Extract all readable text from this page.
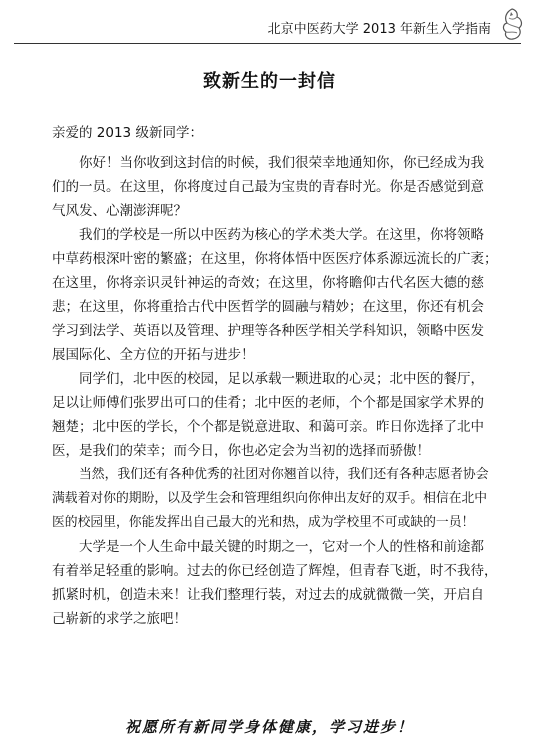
北京中医药大学 2013 年新生入学指南
致新生的一封信
亲爱的 2013 级新同学：

你好！当你收到这封信的时候，我们很荣幸地通知你，你已经成为我
们的一员。在这里，你将度过自己最为宝贵的青春时光。你是否感觉到意
气风发、心潮澎湃呢？

我们的学校是一所以中医药为核心的学术类大学。在这里，你将领略
中草药根深叶密的繁盛；在这里，你将体悟中医医疗体系源远流长的广袤；
在这里，你将亲识灵针神运的奇效；在这里，你将瞻仰古代名医大德的慈
悲；在这里，你将重拾古代中医哲学的圆融与精妙；在这里，你还有机会
学习到法学、英语以及管理、护理等各种医学相关学科知识，领略中医发
展国际化、全方位的开拓与进步！

同学们，北中医的校园，足以承载一颗进取的心灵；北中医的餐厅，
足以让师傅们张罗出可口的佳肴；北中医的老师，个个都是国家学术界的
翘楚；北中医的学长，个个都是锐意进取、和蔼可亲。昨日你选择了北中
医，是我们的荣幸；而今日，你也必定会为当初的选择而骄傲！

当然，我们还有各种优秀的社团对你翘首以待，我们还有各种志愿者协会
满载着对你的期盼，以及学生会和管理组织向你伸出友好的双手。相信在北中
医的校园里，你能发挥出自己最大的光和热，成为学校里不可或缺的一员！

大学是一个人生命中最关键的时期之一，它对一个人的性格和前途都
有着举足轻重的影响。过去的你已经创造了辉煌，但青春飞逝，时不我待，
抓紧时机，创造未来！让我们整理行装，对过去的成就微微一笑，开启自
己崭新的求学之旅吧！

祝愿所有新同学身体健康，学习进步！
